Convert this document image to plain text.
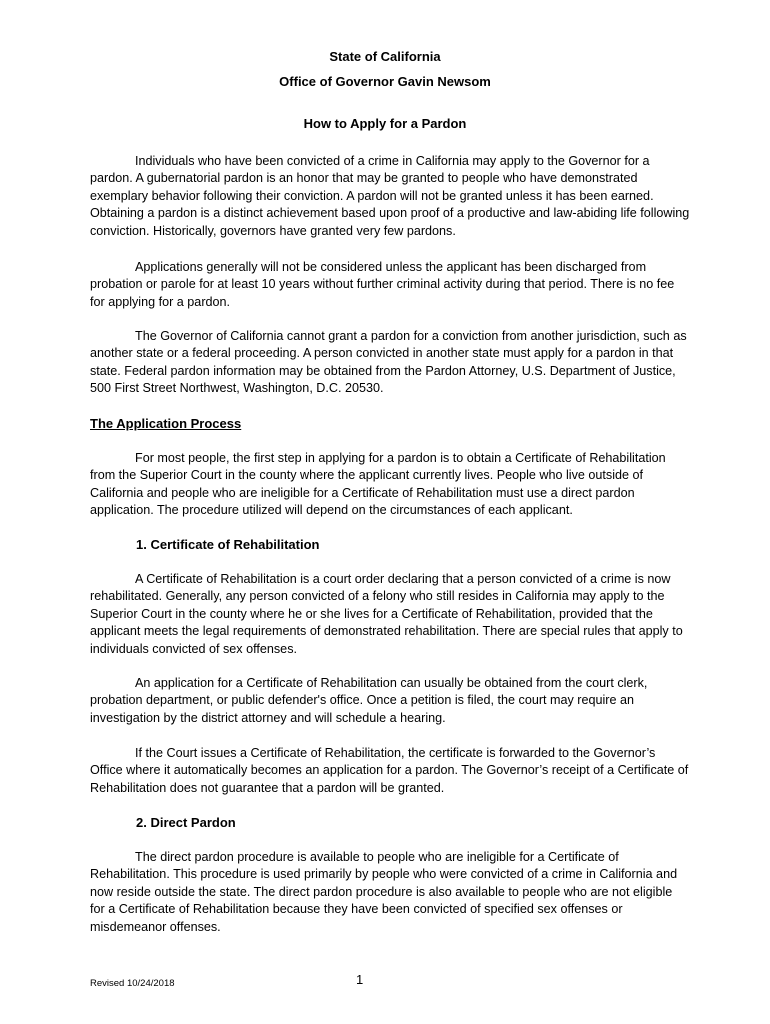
State of California
Office of Governor Gavin Newsom
How to Apply for a Pardon

Individuals who have been convicted of a crime in California may apply to the Governor for a pardon. A gubernatorial pardon is an honor that may be granted to people who have demonstrated exemplary behavior following their conviction. A pardon will not be granted unless it has been earned. Obtaining a pardon is a distinct achievement based upon proof of a productive and law-abiding life following conviction. Historically, governors have granted very few pardons.

Applications generally will not be considered unless the applicant has been discharged from probation or parole for at least 10 years without further criminal activity during that period. There is no fee for applying for a pardon.

The Governor of California cannot grant a pardon for a conviction from another jurisdiction, such as another state or a federal proceeding. A person convicted in another state must apply for a pardon in that state. Federal pardon information may be obtained from the Pardon Attorney, U.S. Department of Justice, 500 First Street Northwest, Washington, D.C. 20530.

The Application Process

For most people, the first step in applying for a pardon is to obtain a Certificate of Rehabilitation from the Superior Court in the county where the applicant currently lives. People who live outside of California and people who are ineligible for a Certificate of Rehabilitation must use a direct pardon application. The procedure utilized will depend on the circumstances of each applicant.

1. Certificate of Rehabilitation

A Certificate of Rehabilitation is a court order declaring that a person convicted of a crime is now rehabilitated. Generally, any person convicted of a felony who still resides in California may apply to the Superior Court in the county where he or she lives for a Certificate of Rehabilitation, provided that the applicant meets the legal requirements of demonstrated rehabilitation. There are special rules that apply to individuals convicted of sex offenses.

An application for a Certificate of Rehabilitation can usually be obtained from the court clerk, probation department, or public defender's office. Once a petition is filed, the court may require an investigation by the district attorney and will schedule a hearing.

If the Court issues a Certificate of Rehabilitation, the certificate is forwarded to the Governor’s Office where it automatically becomes an application for a pardon. The Governor’s receipt of a Certificate of Rehabilitation does not guarantee that a pardon will be granted.

2. Direct Pardon

The direct pardon procedure is available to people who are ineligible for a Certificate of Rehabilitation. This procedure is used primarily by people who were convicted of a crime in California and now reside outside the state. The direct pardon procedure is also available to people who are not eligible for a Certificate of Rehabilitation because they have been convicted of specified sex offenses or misdemeanor offenses.

Revised 10/24/2018	1
